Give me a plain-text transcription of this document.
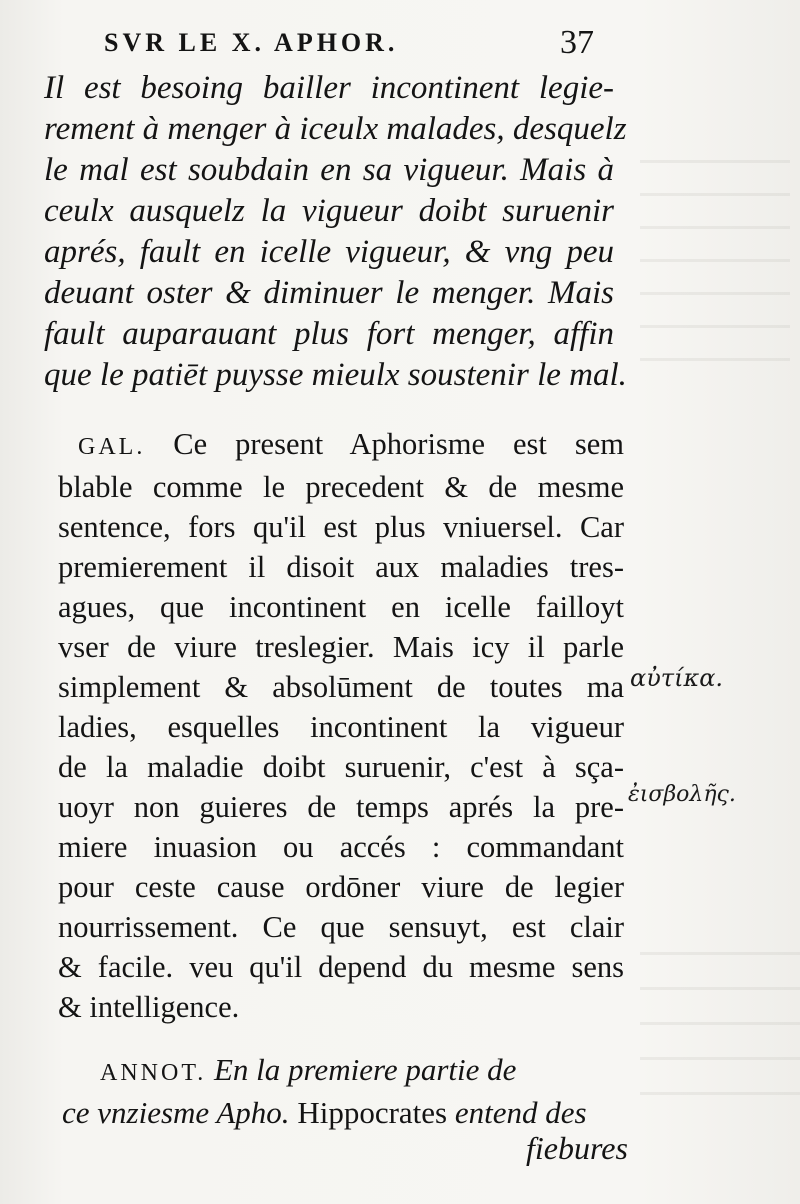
SVR LE X. APHOR.	37
Il est besoing bailler incontinent legie-
rement à menger à iceulx malades, desquelz
le mal est soubdain en sa vigueur. Mais à
ceulx ausquelz la vigueur doibt suruenir
aprés, fault en icelle vigueur, & vng peu
deuant oster & diminuer le menger. Mais
fault auparauant plus fort menger, affin
que le patiēt puysse mieulx soustenir le mal.
GAL. Ce present Aphorisme est sem
blable comme le precedent & de mesme
sentence, fors qu'il est plus vniuersel. Car
premierement il disoit aux maladies tres-
agues, que incontinent en icelle failloyt
vser de viure treslegier. Mais icy il parle
simplement & absolūment de toutes ma
ladies, esquelles incontinent la vigueur
de la maladie doibt suruenir, c'est à sça-
uoyr non guieres de temps aprés la pre-
miere inuasion ou accés : commandant
pour ceste cause ordōner viure de legier
nourrissement. Ce que sensuyt, est clair
& facile. veu qu'il depend du mesme sens
& intelligence.
αὐτίκα.
ἐισβολῆς.
ANNOT. En la premiere partie de
ce vnziesme Apho. Hippocrates entend des
fiebures
